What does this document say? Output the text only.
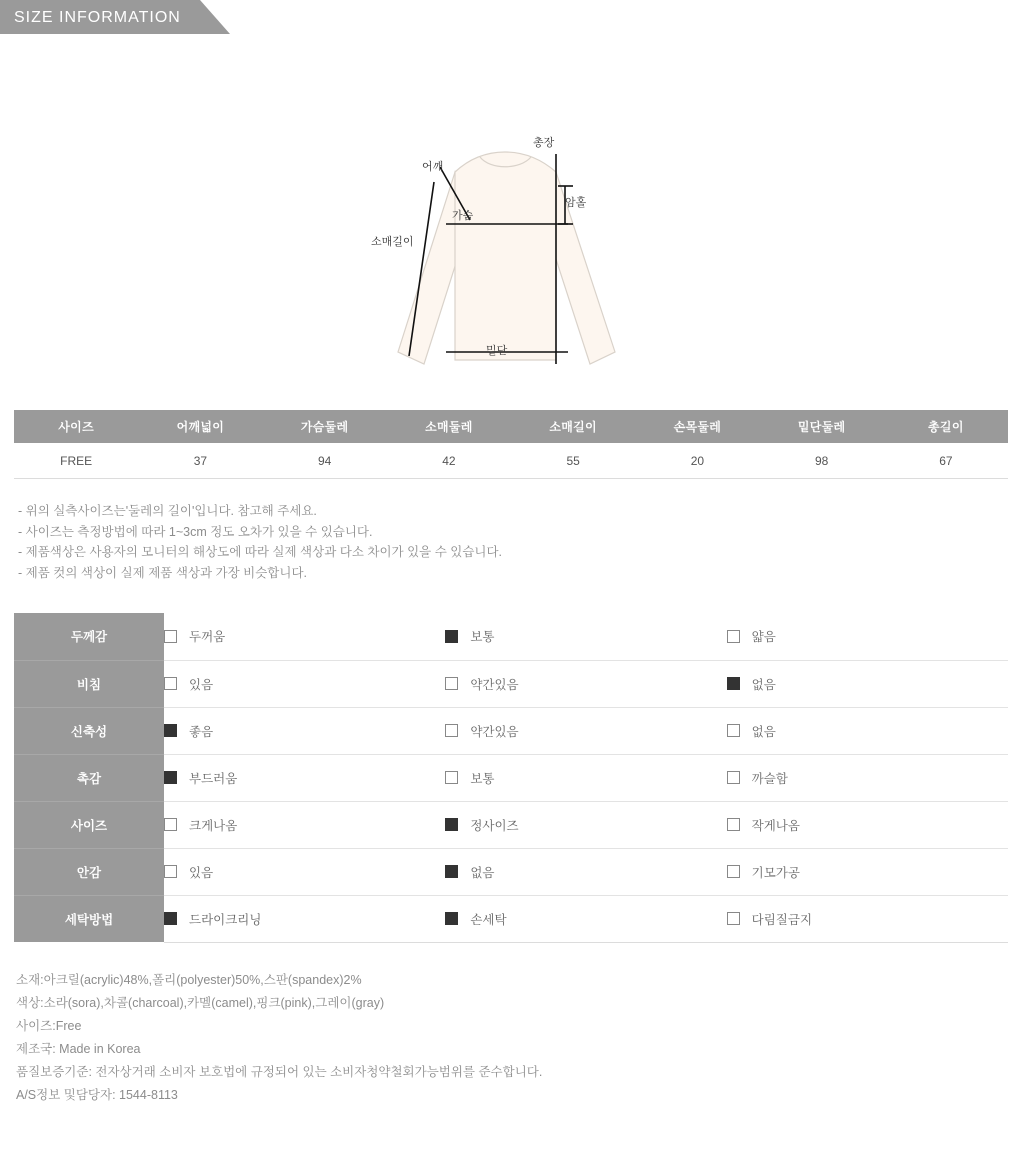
SIZE INFORMATION
총장
어깨
암홀
가슴
소매길이
밑단
사이즈	어깨넓이	가슴둘레	소매둘레	소매길이	손목둘레	밑단둘레	총길이
FREE	37	94	42	55	20	98	67
- 위의 실측사이즈는'둘레의 길이'입니다. 참고해 주세요.
- 사이즈는 측정방법에 따라 1~3cm 정도 오차가 있을 수 있습니다.
- 제품색상은 사용자의 모니터의 해상도에 따라 실제 색상과 다소 차이가 있을 수 있습니다.
- 제품 컷의 색상이 실제 제품 색상과 가장 비슷합니다.
두께감	두꺼움	보통	얇음

비침	있음	약간있음	없음

신축성	좋음	약간있음	없음

촉감	부드러움	보통	까슬함

사이즈	크게나옴	정사이즈	작게나옴

안감	있음	없음	기모가공

세탁방법	드라이크리닝	손세탁	다림질금지
소재:아크릴(acrylic)48%,폴리(polyester)50%,스판(spandex)2%
색상:소라(sora),차콜(charcoal),카멜(camel),핑크(pink),그레이(gray)
사이즈:Free
제조국: Made in Korea
품질보증기준: 전자상거래 소비자 보호법에 규정되어 있는 소비자청약철회가능범위를 준수합니다.
A/S정보 및담당자: 1544-8113
